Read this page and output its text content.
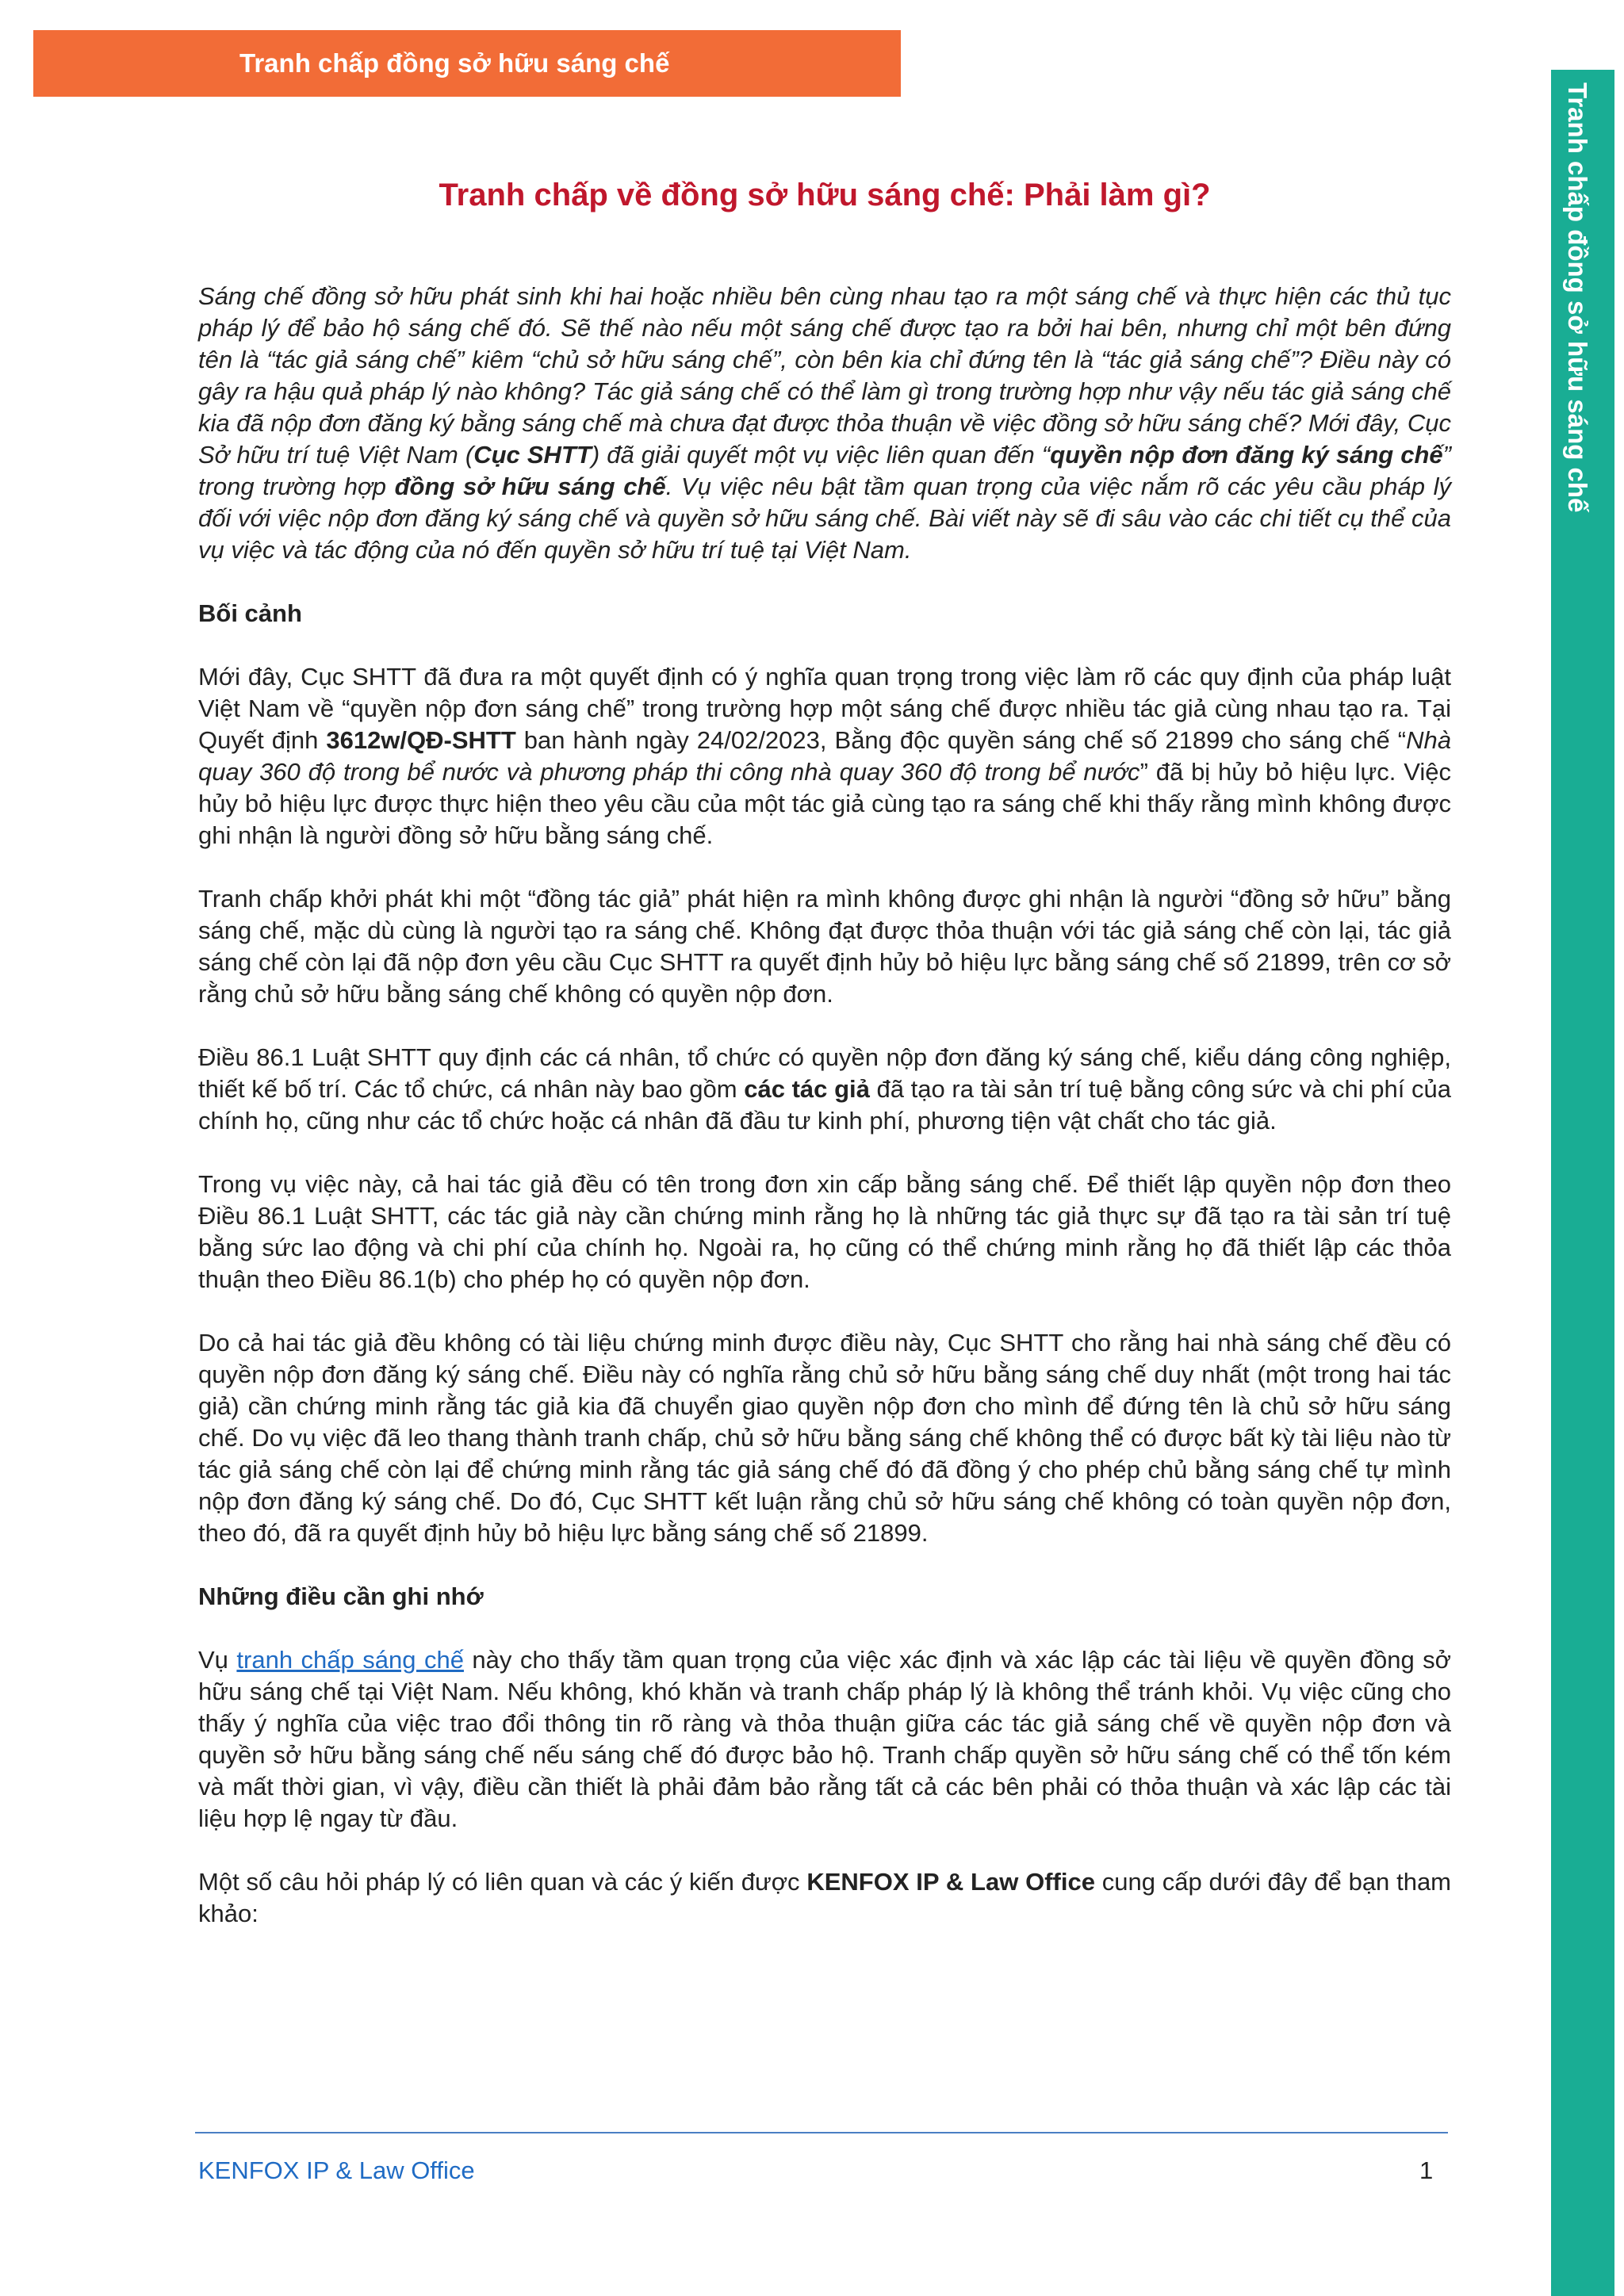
Tranh chấp đồng sở hữu sáng chế
Tranh chấp đồng sở hữu sáng chế
Tranh chấp về đồng sở hữu sáng chế: Phải làm gì?

Sáng chế đồng sở hữu phát sinh khi hai hoặc nhiều bên cùng nhau tạo ra một sáng chế và thực hiện các thủ tục pháp lý để bảo hộ sáng chế đó. Sẽ thế nào nếu một sáng chế được tạo ra bởi hai bên, nhưng chỉ một bên đứng tên là “tác giả sáng chế” kiêm “chủ sở hữu sáng chế”, còn bên kia chỉ đứng tên là “tác giả sáng chế”? Điều này có gây ra hậu quả pháp lý nào không? Tác giả sáng chế có thể làm gì trong trường hợp như vậy nếu tác giả sáng chế kia đã nộp đơn đăng ký bằng sáng chế mà chưa đạt được thỏa thuận về việc đồng sở hữu sáng chế? Mới đây, Cục Sở hữu trí tuệ Việt Nam (Cục SHTT) đã giải quyết một vụ việc liên quan đến “quyền nộp đơn đăng ký sáng chế” trong trường hợp đồng sở hữu sáng chế. Vụ việc nêu bật tầm quan trọng của việc nắm rõ các yêu cầu pháp lý đối với việc nộp đơn đăng ký sáng chế và quyền sở hữu sáng chế. Bài viết này sẽ đi sâu vào các chi tiết cụ thể của vụ việc và tác động của nó đến quyền sở hữu trí tuệ tại Việt Nam.

Bối cảnh

Mới đây, Cục SHTT đã đưa ra một quyết định có ý nghĩa quan trọng trong việc làm rõ các quy định của pháp luật Việt Nam về “quyền nộp đơn sáng chế” trong trường hợp một sáng chế được nhiều tác giả cùng nhau tạo ra. Tại Quyết định 3612w/QĐ-SHTT ban hành ngày 24/02/2023, Bằng độc quyền sáng chế số 21899 cho sáng chế “Nhà quay 360 độ trong bể nước và phương pháp thi công nhà quay 360 độ trong bể nước” đã bị hủy bỏ hiệu lực. Việc hủy bỏ hiệu lực được thực hiện theo yêu cầu của một tác giả cùng tạo ra sáng chế khi thấy rằng mình không được ghi nhận là người đồng sở hữu bằng sáng chế.

Tranh chấp khởi phát khi một “đồng tác giả” phát hiện ra mình không được ghi nhận là người “đồng sở hữu” bằng sáng chế, mặc dù cùng là người tạo ra sáng chế. Không đạt được thỏa thuận với tác giả sáng chế còn lại, tác giả sáng chế còn lại đã nộp đơn yêu cầu Cục SHTT ra quyết định hủy bỏ hiệu lực bằng sáng chế số 21899, trên cơ sở rằng chủ sở hữu bằng sáng chế không có quyền nộp đơn.

Điều 86.1 Luật SHTT quy định các cá nhân, tổ chức có quyền nộp đơn đăng ký sáng chế, kiểu dáng công nghiệp, thiết kế bố trí. Các tổ chức, cá nhân này bao gồm các tác giả đã tạo ra tài sản trí tuệ bằng công sức và chi phí của chính họ, cũng như các tổ chức hoặc cá nhân đã đầu tư kinh phí, phương tiện vật chất cho tác giả.

Trong vụ việc này, cả hai tác giả đều có tên trong đơn xin cấp bằng sáng chế. Để thiết lập quyền nộp đơn theo Điều 86.1 Luật SHTT, các tác giả này cần chứng minh rằng họ là những tác giả thực sự đã tạo ra tài sản trí tuệ bằng sức lao động và chi phí của chính họ. Ngoài ra, họ cũng có thể chứng minh rằng họ đã thiết lập các thỏa thuận theo Điều 86.1(b) cho phép họ có quyền nộp đơn.

Do cả hai tác giả đều không có tài liệu chứng minh được điều này, Cục SHTT cho rằng hai nhà sáng chế đều có quyền nộp đơn đăng ký sáng chế. Điều này có nghĩa rằng chủ sở hữu bằng sáng chế duy nhất (một trong hai tác giả) cần chứng minh rằng tác giả kia đã chuyển giao quyền nộp đơn cho mình để đứng tên là chủ sở hữu sáng chế. Do vụ việc đã leo thang thành tranh chấp, chủ sở hữu bằng sáng chế không thể có được bất kỳ tài liệu nào từ tác giả sáng chế còn lại để chứng minh rằng tác giả sáng chế đó đã đồng ý cho phép chủ bằng sáng chế tự mình nộp đơn đăng ký sáng chế. Do đó, Cục SHTT kết luận rằng chủ sở hữu sáng chế không có toàn quyền nộp đơn, theo đó, đã ra quyết định hủy bỏ hiệu lực bằng sáng chế số 21899.

Những điều cần ghi nhớ

Vụ tranh chấp sáng chế này cho thấy tầm quan trọng của việc xác định và xác lập các tài liệu về quyền đồng sở hữu sáng chế tại Việt Nam. Nếu không, khó khăn và tranh chấp pháp lý là không thể tránh khỏi. Vụ việc cũng cho thấy ý nghĩa của việc trao đổi thông tin rõ ràng và thỏa thuận giữa các tác giả sáng chế về quyền nộp đơn và quyền sở hữu bằng sáng chế nếu sáng chế đó được bảo hộ. Tranh chấp quyền sở hữu sáng chế có thể tốn kém và mất thời gian, vì vậy, điều cần thiết là phải đảm bảo rằng tất cả các bên phải có thỏa thuận và xác lập các tài liệu hợp lệ ngay từ đầu.

Một số câu hỏi pháp lý có liên quan và các ý kiến được KENFOX IP & Law Office cung cấp dưới đây để bạn tham khảo:

KENFOX IP & Law Office	1
